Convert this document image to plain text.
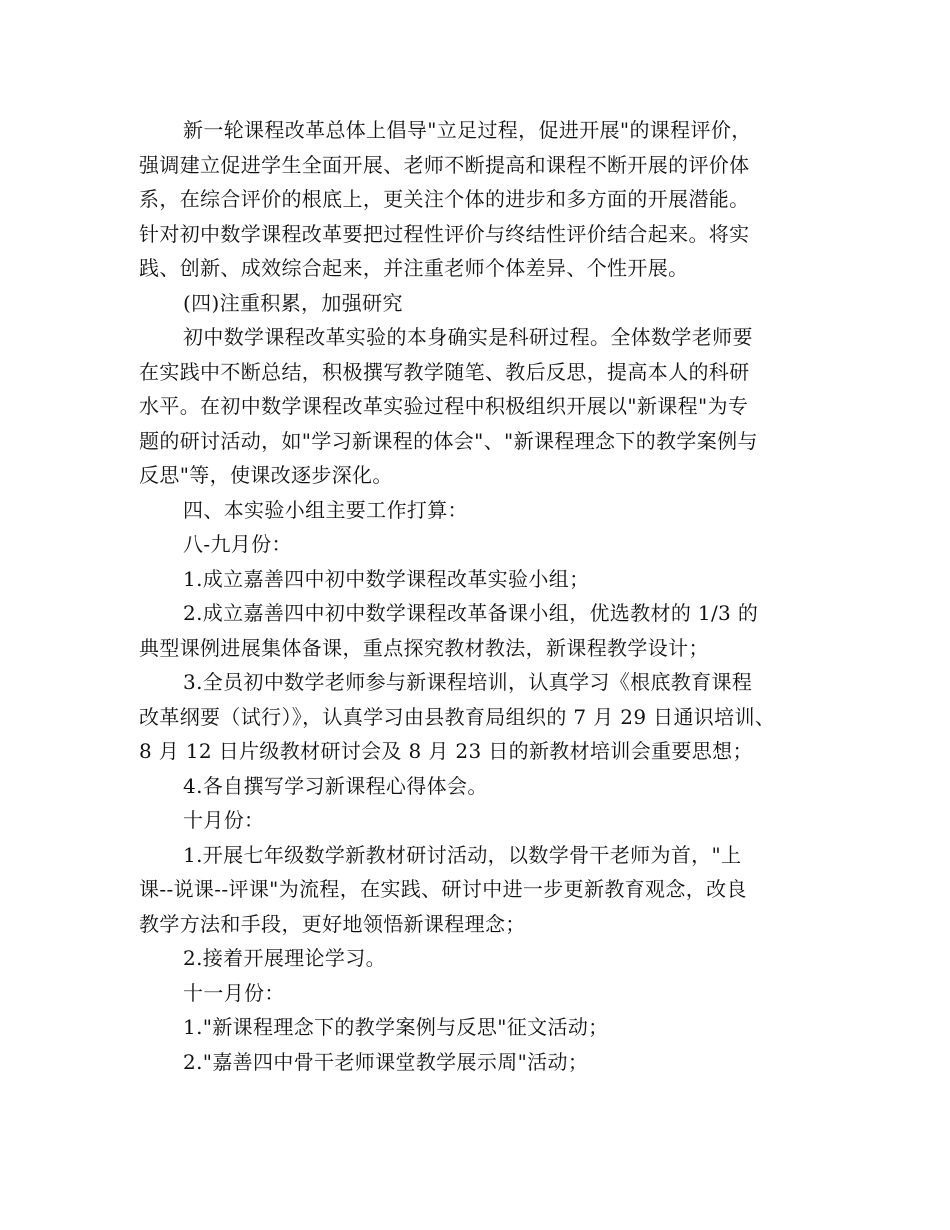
新一轮课程改革总体上倡导"立足过程，促进开展"的课程评价，
强调建立促进学生全面开展、老师不断提高和课程不断开展的评价体
系，在综合评价的根底上，更关注个体的进步和多方面的开展潜能。
针对初中数学课程改革要把过程性评价与终结性评价结合起来。将实
践、创新、成效综合起来，并注重老师个体差异、个性开展。
(四)注重积累，加强研究
初中数学课程改革实验的本身确实是科研过程。全体数学老师要
在实践中不断总结，积极撰写教学随笔、教后反思，提高本人的科研
水平。在初中数学课程改革实验过程中积极组织开展以"新课程"为专
题的研讨活动，如"学习新课程的体会"、"新课程理念下的教学案例与
反思"等，使课改逐步深化。
四、本实验小组主要工作打算：
八-九月份：
1.成立嘉善四中初中数学课程改革实验小组；
2.成立嘉善四中初中数学课程改革备课小组，优选教材的 1/3 的
典型课例进展集体备课，重点探究教材教法，新课程教学设计；
3.全员初中数学老师参与新课程培训，认真学习《根底教育课程
改革纲要（试行）》，认真学习由县教育局组织的 7 月 29 日通识培训、
8 月 12 日片级教材研讨会及 8 月 23 日的新教材培训会重要思想；
4.各自撰写学习新课程心得体会。
十月份：
1.开展七年级数学新教材研讨活动，以数学骨干老师为首，"上
课--说课--评课"为流程，在实践、研讨中进一步更新教育观念，改良
教学方法和手段，更好地领悟新课程理念；
2.接着开展理论学习。
十一月份：
1."新课程理念下的教学案例与反思"征文活动；
2."嘉善四中骨干老师课堂教学展示周"活动；
